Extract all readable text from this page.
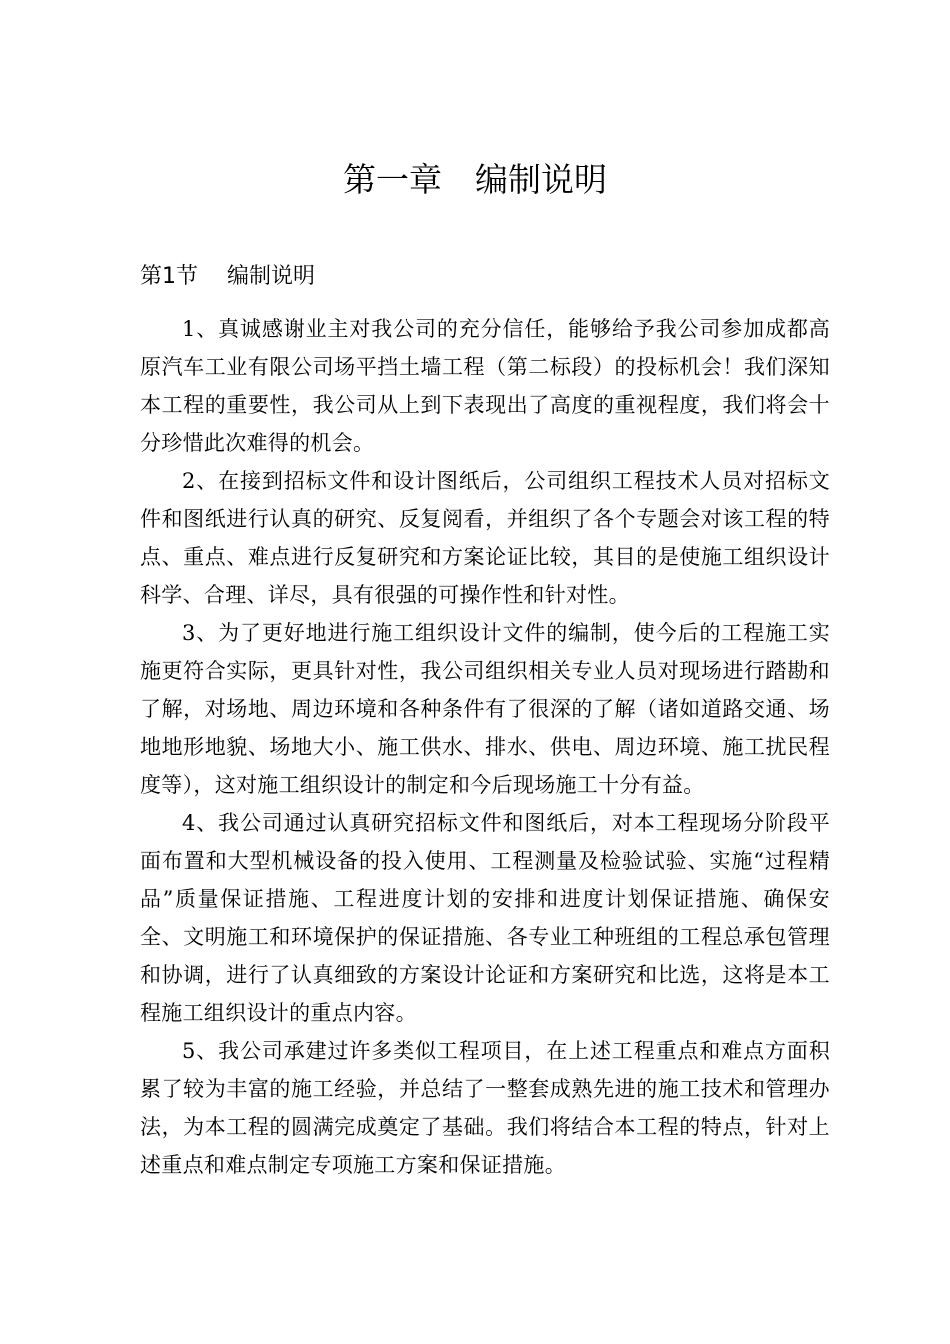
第一章　编制说明
第1节　 编制说明

1、真诚感谢业主对我公司的充分信任，能够给予我公司参加成都高原汽车工业有限公司场平挡土墙工程（第二标段）的投标机会！我们深知本工程的重要性，我公司从上到下表现出了高度的重视程度，我们将会十分珍惜此次难得的机会。

2、在接到招标文件和设计图纸后，公司组织工程技术人员对招标文件和图纸进行认真的研究、反复阅看，并组织了各个专题会对该工程的特点、重点、难点进行反复研究和方案论证比较，其目的是使施工组织设计科学、合理、详尽，具有很强的可操作性和针对性。

3、为了更好地进行施工组织设计文件的编制，使今后的工程施工实施更符合实际，更具针对性，我公司组织相关专业人员对现场进行踏勘和了解，对场地、周边环境和各种条件有了很深的了解（诸如道路交通、场地地形地貌、场地大小、施工供水、排水、供电、周边环境、施工扰民程度等），这对施工组织设计的制定和今后现场施工十分有益。

4、我公司通过认真研究招标文件和图纸后，对本工程现场分阶段平面布置和大型机械设备的投入使用、工程测量及检验试验、实施“过程精品”质量保证措施、工程进度计划的安排和进度计划保证措施、确保安全、文明施工和环境保护的保证措施、各专业工种班组的工程总承包管理和协调，进行了认真细致的方案设计论证和方案研究和比选，这将是本工程施工组织设计的重点内容。

5、我公司承建过许多类似工程项目，在上述工程重点和难点方面积累了较为丰富的施工经验，并总结了一整套成熟先进的施工技术和管理办法，为本工程的圆满完成奠定了基础。我们将结合本工程的特点，针对上述重点和难点制定专项施工方案和保证措施。
